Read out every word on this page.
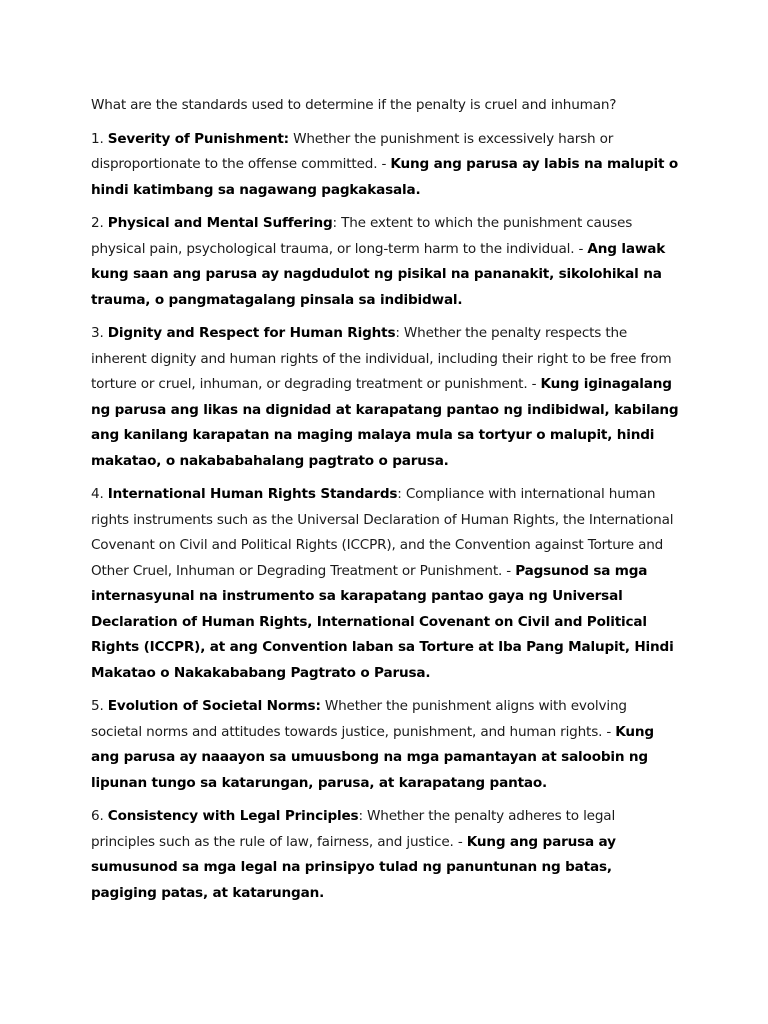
What are the standards used to determine if the penalty is cruel and inhuman?

1. Severity of Punishment: Whether the punishment is excessively harsh or disproportionate to the offense committed. - Kung ang parusa ay labis na malupit o hindi katimbang sa nagawang pagkakasala.

2. Physical and Mental Suffering: The extent to which the punishment causes physical pain, psychological trauma, or long-term harm to the individual. - Ang lawak kung saan ang parusa ay nagdudulot ng pisikal na pananakit, sikolohikal na trauma, o pangmatagalang pinsala sa indibidwal.

3. Dignity and Respect for Human Rights: Whether the penalty respects the inherent dignity and human rights of the individual, including their right to be free from torture or cruel, inhuman, or degrading treatment or punishment. - Kung iginagalang ng parusa ang likas na dignidad at karapatang pantao ng indibidwal, kabilang ang kanilang karapatan na maging malaya mula sa tortyur o malupit, hindi makatao, o nakababahalang pagtrato o parusa.

4. International Human Rights Standards: Compliance with international human rights instruments such as the Universal Declaration of Human Rights, the International Covenant on Civil and Political Rights (ICCPR), and the Convention against Torture and Other Cruel, Inhuman or Degrading Treatment or Punishment. - Pagsunod sa mga internasyunal na instrumento sa karapatang pantao gaya ng Universal Declaration of Human Rights, International Covenant on Civil and Political Rights (ICCPR), at ang Convention laban sa Torture at Iba Pang Malupit, Hindi Makatao o Nakakababang Pagtrato o Parusa.

5. Evolution of Societal Norms: Whether the punishment aligns with evolving societal norms and attitudes towards justice, punishment, and human rights. - Kung ang parusa ay naaayon sa umuusbong na mga pamantayan at saloobin ng lipunan tungo sa katarungan, parusa, at karapatang pantao.

6. Consistency with Legal Principles: Whether the penalty adheres to legal principles such as the rule of law, fairness, and justice. - Kung ang parusa ay sumusunod sa mga legal na prinsipyo tulad ng panuntunan ng batas, pagiging patas, at katarungan.
